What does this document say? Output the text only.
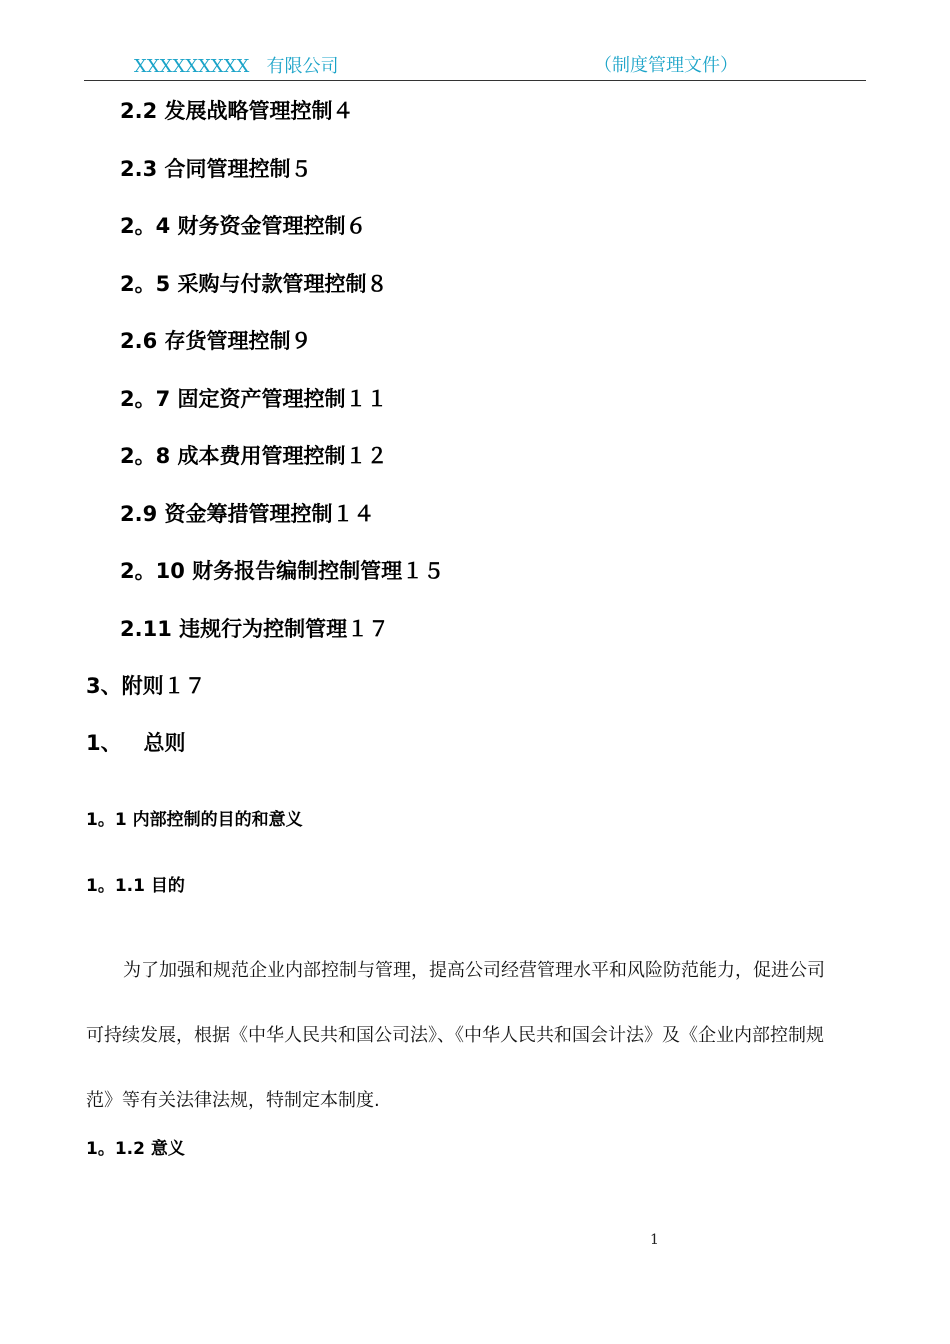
XXXXXXXXX   有限公司	（制度管理文件）
2.2 发展战略管理控制４
2.3 合同管理控制５
2。4 财务资金管理控制６
2。5 采购与付款管理控制８
2.6 存货管理控制９
2。7 固定资产管理控制１１
2。8 成本费用管理控制１２
2.9 资金筹措管理控制１４
2。10 财务报告编制控制管理１５
2.11 违规行为控制管理１７
3、附则１７
1、   总则
1。1 内部控制的目的和意义
1。1.1 目的
为了加强和规范企业内部控制与管理，提高公司经营管理水平和风险防范能力，促进公司
可持续发展，根据《中华人民共和国公司法》、《中华人民共和国会计法》及《企业内部控制规
范》等有关法律法规，特制定本制度.
1。1.2 意义
1
